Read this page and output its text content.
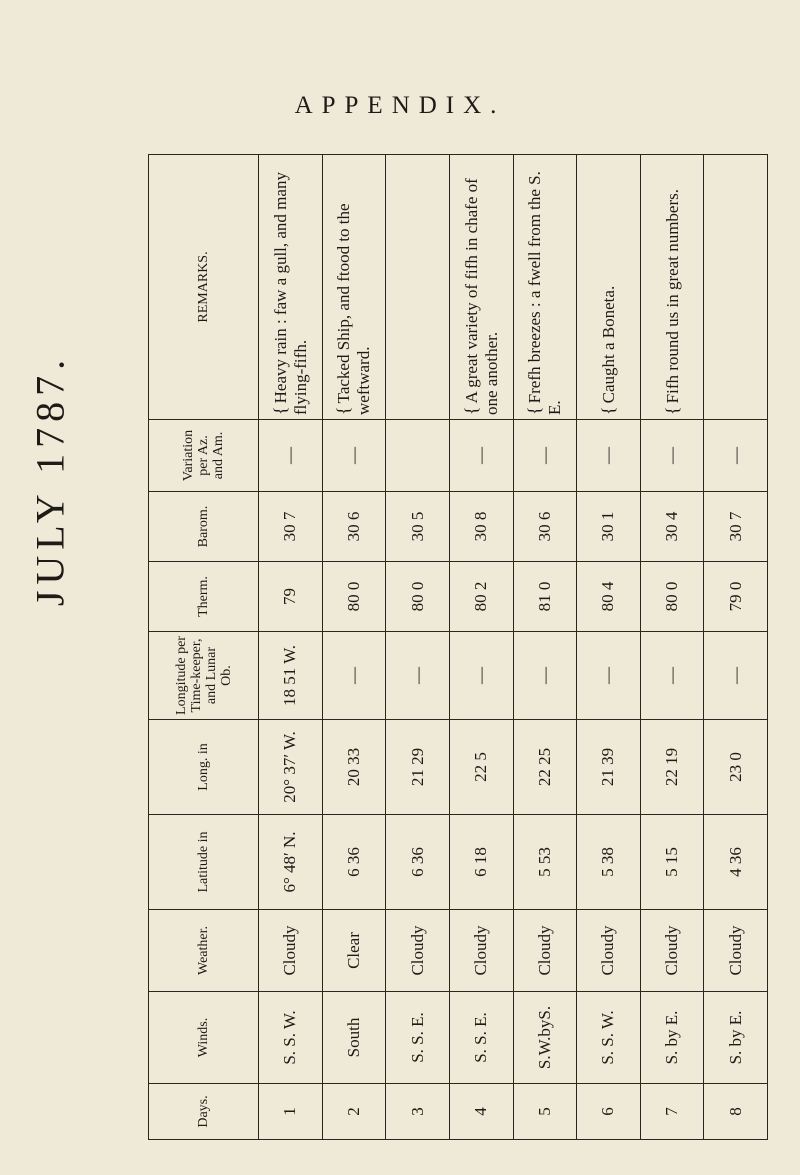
APPENDIX.
JULY 1787.
Days.	Winds.	Weather.	Latitude in	Long. in	Longitude per Time-keeper, and Lunar Ob.	Therm.	Barom.	Variation per Az. and Am.	REMARKS.
1	S. S. W.	Cloudy	6° 48′ N.	20° 37′ W.	18 51 W.	79	30 7	—	{Heavy rain : faw a gull, and many flying-fifh.
2	South	Clear	6 36	20 33	—	80 0	30 6	—	{Tacked Ship, and ftood to the weftward.
3	S. S. E.	Cloudy	6 36	21 29	—	80 0	30 5		
4	S. S. E.	Cloudy	6 18	22 5	—	80 2	30 8	—	{A great variety of fifh in chafe of one another.
5	S.W.byS.	Cloudy	5 53	22 25	—	81 0	30 6	—	{Frefh breezes : a fwell from the S. E.
6	S. S. W.	Cloudy	5 38	21 39	—	80 4	30 1	—	{Caught a Boneta.
7	S. by E.	Cloudy	5 15	22 19	—	80 0	30 4	—	{Fifh round us in great numbers.
8	S. by E.	Cloudy	4 36	23 0	—	79 0	30 7	—	
